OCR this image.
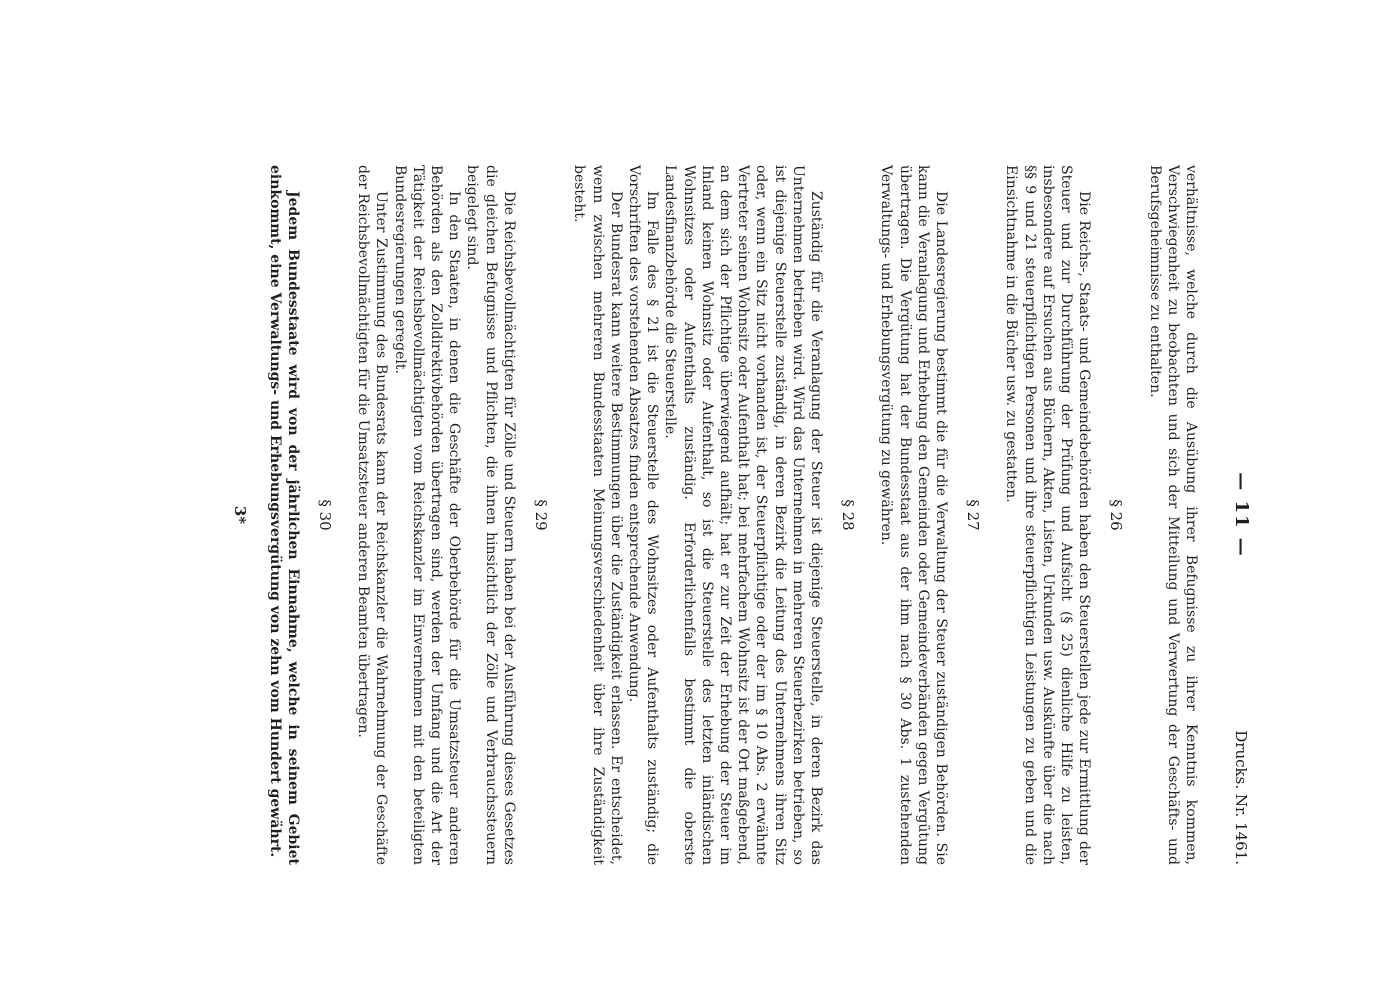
— 11 —
Drucks. Nr. 1461.

verhältnisse, welche durch die Ausübung ihrer Befugnisse zu ihrer Kenntnis kommen, Verschwiegenheit zu beobachten und sich der Mitteilung und Verwertung der Geschäfts- und Berufsgeheimnisse zu enthalten.

§ 26

Die Reichs-, Staats- und Gemeindebehörden haben den Steuerstellen jede zur Ermittlung der Steuer und zur Durchführung der Prüfung und Aufsicht (§ 25) dienliche Hilfe zu leisten, insbesondere auf Ersuchen aus Büchern, Akten, Listen, Urkunden usw. Auskünfte über die nach §§ 9 und 21 steuerpflichtigen Personen und ihre steuerpflichtigen Leistungen zu geben und die Einsichtnahme in die Bücher usw. zu gestatten.

§ 27

Die Landesregierung bestimmt die für die Verwaltung der Steuer zuständigen Behörden. Sie kann die Veranlagung und Erhebung den Gemeinden oder Gemeindeverbänden gegen Vergütung übertragen. Die Vergütung hat der Bundesstaat aus der ihm nach § 30 Abs. 1 zustehenden Verwaltungs- und Erhebungsvergütung zu gewähren.

§ 28

Zuständig für die Veranlagung der Steuer ist diejenige Steuerstelle, in deren Bezirk das Unternehmen betrieben wird. Wird das Unternehmen in mehreren Steuerbezirken betrieben, so ist diejenige Steuerstelle zuständig, in deren Bezirk die Leitung des Unternehmens ihren Sitz oder, wenn ein Sitz nicht vorhanden ist, der Steuerpflichtige oder der im § 10 Abs. 2 erwähnte Vertreter seinen Wohnsitz oder Aufenthalt hat; bei mehrfachem Wohnsitz ist der Ort maßgebend, an dem sich der Pflichtige überwiegend aufhält; hat er zur Zeit der Erhebung der Steuer im Inland keinen Wohnsitz oder Aufenthalt, so ist die Steuerstelle des letzten inländischen Wohnsitzes oder Aufenthalts zuständig. Erforderlichenfalls bestimmt die oberste Landesfinanzbehörde die Steuerstelle.

Im Falle des § 21 ist die Steuerstelle des Wohnsitzes oder Aufenthalts zuständig; die Vorschriften des vorstehenden Absatzes finden entsprechende Anwendung.

Der Bundesrat kann weitere Bestimmungen über die Zuständigkeit erlassen. Er entscheidet, wenn zwischen mehreren Bundesstaaten Meinungsverschiedenheit über ihre Zuständigkeit besteht.

§ 29

Die Reichsbevollmächtigten für Zölle und Steuern haben bei der Ausführung dieses Gesetzes die gleichen Befugnisse und Pflichten, die ihnen hinsichtlich der Zölle und Verbrauchssteuern beigelegt sind.

In den Staaten, in denen die Geschäfte der Oberbehörde für die Umsatzsteuer anderen Behörden als den Zolldirektivbehörden übertragen sind, werden der Umfang und die Art der Tätigkeit der Reichsbevollmächtigten vom Reichskanzler im Einvernehmen mit den beteiligten Bundesregierungen geregelt.

Unter Zustimmung des Bundesrats kann der Reichskanzler die Wahrnehmung der Geschäfte der Reichsbevollmächtigten für die Umsatzsteuer anderen Beamten übertragen.

§ 30

Jedem Bundesstaate wird von der jährlichen Einnahme, welche in seinem Gebiet einkommt, eine Verwaltungs- und Erhebungsvergütung von zehn vom Hundert gewährt.

3*
